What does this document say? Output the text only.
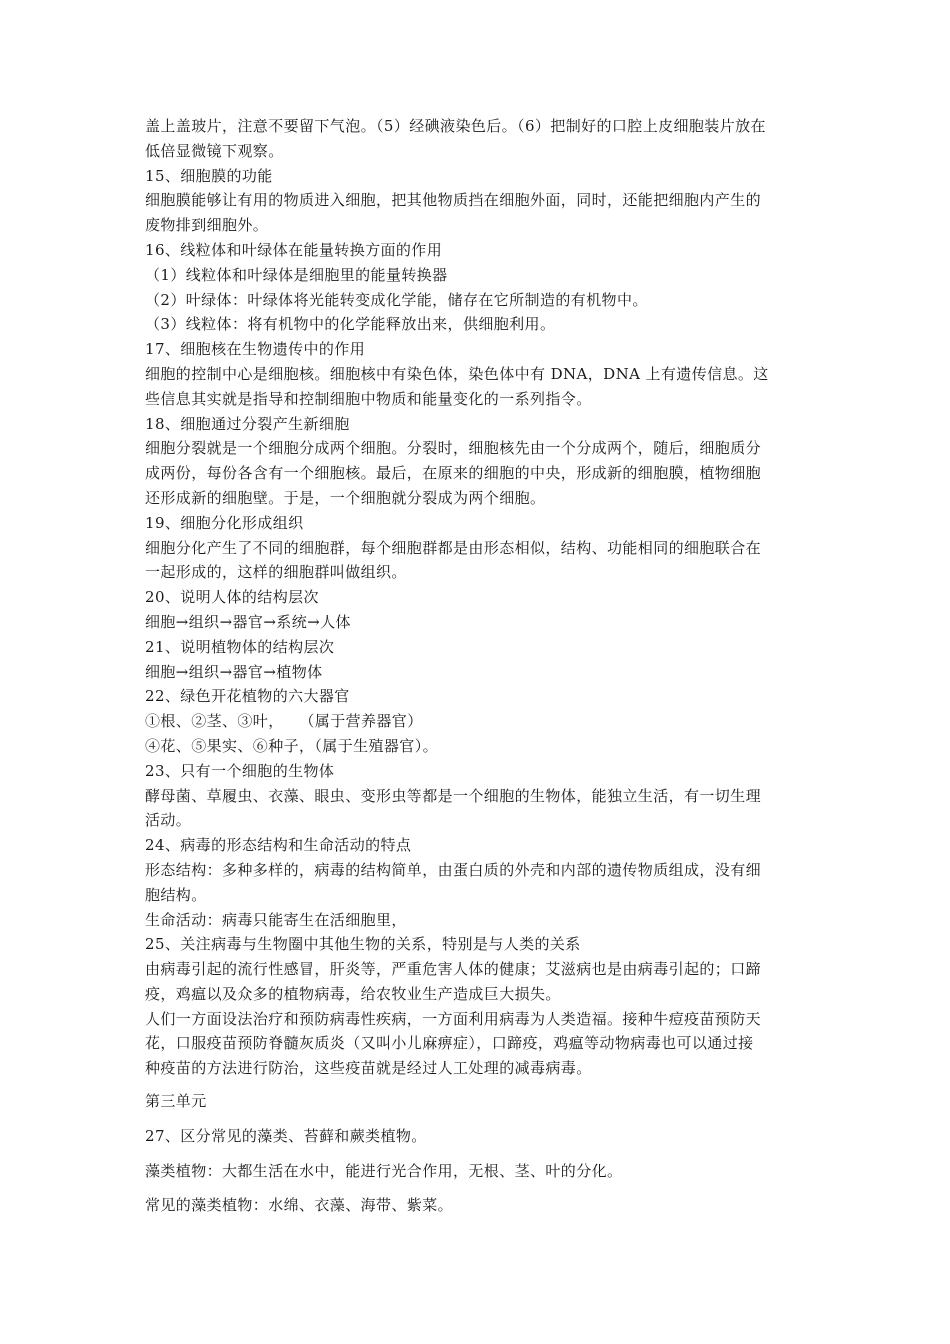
盖上盖玻片，注意不要留下气泡。（5）经碘液染色后。（6）把制好的口腔上皮细胞装片放在
低倍显微镜下观察。
15、细胞膜的功能
细胞膜能够让有用的物质进入细胞，把其他物质挡在细胞外面，同时，还能把细胞内产生的
废物排到细胞外。
16、线粒体和叶绿体在能量转换方面的作用
（1）线粒体和叶绿体是细胞里的能量转换器
（2）叶绿体：叶绿体将光能转变成化学能，储存在它所制造的有机物中。
（3）线粒体：将有机物中的化学能释放出来，供细胞利用。
17、细胞核在生物遗传中的作用
细胞的控制中心是细胞核。细胞核中有染色体，染色体中有 DNA，DNA 上有遗传信息。这
些信息其实就是指导和控制细胞中物质和能量变化的一系列指令。
18、细胞通过分裂产生新细胞
细胞分裂就是一个细胞分成两个细胞。分裂时，细胞核先由一个分成两个，随后，细胞质分
成两份，每份各含有一个细胞核。最后，在原来的细胞的中央，形成新的细胞膜，植物细胞
还形成新的细胞壁。于是，一个细胞就分裂成为两个细胞。
19、细胞分化形成组织
细胞分化产生了不同的细胞群，每个细胞群都是由形态相似，结构、功能相同的细胞联合在
一起形成的，这样的细胞群叫做组织。
20、说明人体的结构层次
细胞→组织→器官→系统→人体
21、说明植物体的结构层次
细胞→组织→器官→植物体
22、绿色开花植物的六大器官
①根、②茎、③叶，　　（属于营养器官）
④花、⑤果实、⑥种子，（属于生殖器官）。
23、只有一个细胞的生物体
酵母菌、草履虫、衣藻、眼虫、变形虫等都是一个细胞的生物体，能独立生活，有一切生理
活动。
24、病毒的形态结构和生命活动的特点
形态结构：多种多样的，病毒的结构简单，由蛋白质的外壳和内部的遗传物质组成，没有细
胞结构。
生命活动：病毒只能寄生在活细胞里，
25、关注病毒与生物圈中其他生物的关系，特别是与人类的关系
由病毒引起的流行性感冒，肝炎等，严重危害人体的健康；艾滋病也是由病毒引起的；口蹄
疫，鸡瘟以及众多的植物病毒，给农牧业生产造成巨大损失。
人们一方面设法治疗和预防病毒性疾病，一方面利用病毒为人类造福。接种牛痘疫苗预防天
花，口服疫苗预防脊髓灰质炎（又叫小儿麻痹症），口蹄疫，鸡瘟等动物病毒也可以通过接
种疫苗的方法进行防治，这些疫苗就是经过人工处理的减毒病毒。
第三单元
27、区分常见的藻类、苔藓和蕨类植物。
藻类植物：大都生活在水中，能进行光合作用，无根、茎、叶的分化。
常见的藻类植物：水绵、衣藻、海带、紫菜。
